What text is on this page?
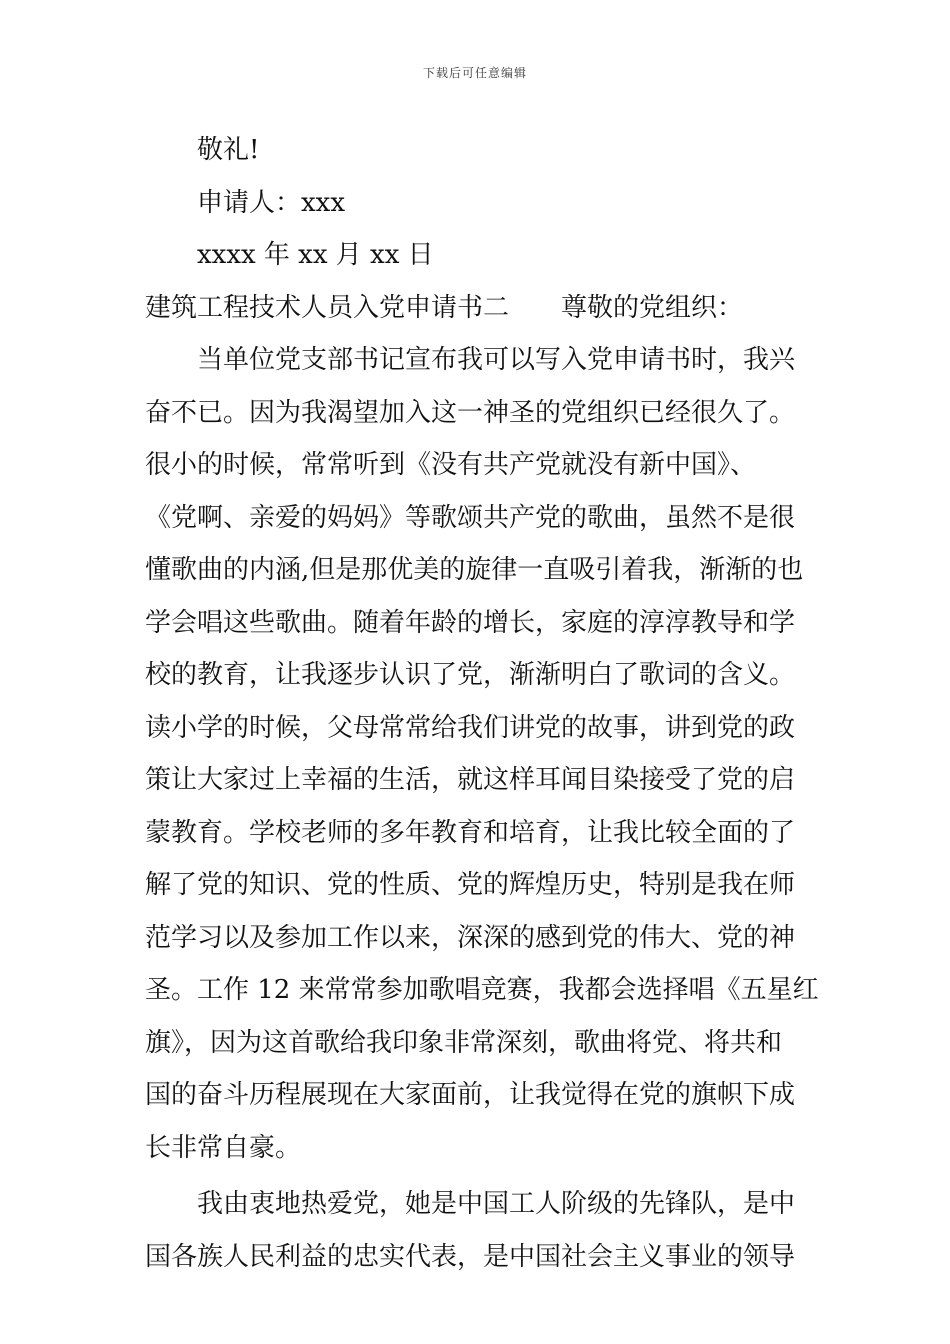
下载后可任意编辑
敬礼!
申请人：xxx
xxxx 年 xx 月 xx 日
建筑工程技术人员入党申请书二 尊敬的党组织：
当单位党支部书记宣布我可以写入党申请书时，我兴
奋不已。因为我渴望加入这一神圣的党组织已经很久了。
很小的时候，常常听到《没有共产党就没有新中国》、
《党啊、亲爱的妈妈》等歌颂共产党的歌曲，虽然不是很
懂歌曲的内涵,但是那优美的旋律一直吸引着我，渐渐的也
学会唱这些歌曲。随着年龄的增长，家庭的淳淳教导和学
校的教育，让我逐步认识了党，渐渐明白了歌词的含义。
读小学的时候，父母常常给我们讲党的故事，讲到党的政
策让大家过上幸福的生活，就这样耳闻目染接受了党的启
蒙教育。学校老师的多年教育和培育，让我比较全面的了
解了党的知识、党的性质、党的辉煌历史，特别是我在师
范学习以及参加工作以来，深深的感到党的伟大、党的神
圣。工作 12 来常常参加歌唱竞赛，我都会选择唱《五星红
旗》，因为这首歌给我印象非常深刻，歌曲将党、将共和
国的奋斗历程展现在大家面前，让我觉得在党的旗帜下成
长非常自豪。
我由衷地热爱党，她是中国工人阶级的先锋队，是中
国各族人民利益的忠实代表，是中国社会主义事业的领导
